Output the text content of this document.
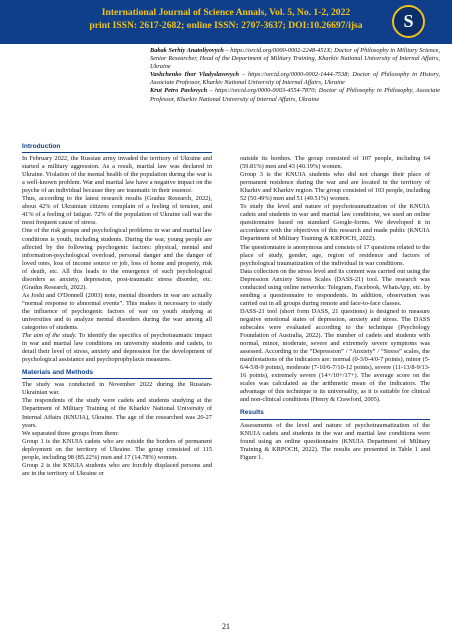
International Journal of Science Annals, Vol. 5, No. 1-2, 2022
print ISSN: 2617-2682; online ISSN: 2707-3637; DOI:10.26697/ijsa	S
Babak Serhiy Anatoliyovych – https://orcid.org/0000-0002-2248-451X; Doctor of Philosophy in Military Science, Senior Researcher, Head of the Department of Military Training, Kharkiv National University of Internal Affairs, Ukraine
Vashchenko Ihor Vladyslavovych – https://orcid.org/0000-0002-1444-7538; Doctor of Philosophy in History, Associate Professor, Kharkiv National University of Internal Affairs, Ukraine
Krut Petro Pavlovych – https://orcid.org/0000-0003-4554-7870; Doctor of Philosophy in Philosophy, Associate Professor, Kharkiv National University of Internal Affairs, Ukraine
Introduction

In February 2022, the Russian army invaded the territory of Ukraine and started a military aggression. As a result, martial law was declared in Ukraine. Violation of the mental health of the population during the war is a well-known problem. War and martial law have a negative impact on the psyche of an individual because they are traumatic in their essence.

Thus, according to the latest research results (Gradus Research, 2022), about 42% of Ukrainian citizens complain of a feeling of tension, and 41% of a feeling of fatigue. 72% of the population of Ukraine call war the most frequent cause of stress.

One of the risk groups and psychological problems in war and martial law conditions is youth, including students. During the war, young people are affected by the following psychogenic factors: physical, mental and information-psychological overload, personal danger and the danger of loved ones, loss of income source or job, loss of home and property, risk of death, etc. All this leads to the emergence of such psychological disorders as anxiety, depression, post-traumatic stress disorder, etc. (Gradus Research, 2022).

As Joshi and O'Donnell (2003) note, mental disorders in war are actually “normal response to abnormal events”. This makes it necessary to study the influence of psychogenic factors of war on youth studying at universities and to analyze mental disorders during the war among all categories of students.

The aim of the study. To identify the specifics of psychotraumatic impact in war and martial law conditions on university students and cadets, to detail their level of stress, anxiety and depression for the development of psychological assistance and psychoprophylaxis measures.

Materials and Methods

The study was conducted in November 2022 during the Russian-Ukrainian war.

The respondents of the study were cadets and students studying at the Department of Military Training of the Kharkiv National University of Internal Affairs (KNUIA), Ukraine. The age of the researched was 20-27 years.

We separated three groups from them:

Group 1 is the KNUIA cadets who are outside the borders of permanent deployment on the territory of Ukraine. The group consisted of 115 people, including 98 (85.22%) men and 17 (14.78%) women.

Group 2 is the KNUIA students who are forcibly displaced persons and are in the territory of Ukraine or

outside its borders. The group consisted of 107 people, including 64 (59.81%) men and 43 (40.19%) women.

Group 3 is the KNUIA students who did not change their place of permanent residence during the war and are located in the territory of Kharkiv and Kharkiv region. The group consisted of 103 people, including 52 (50.49%) men and 51 (49.51%) women.

To study the level and nature of psychotraumatization of the KNUIA cadets and students in war and martial law conditions, we used an online questionnaire based on standard Google-forms. We developed it in accordance with the objectives of this research and made public (KNUIA Department of Military Training & KRPOCH, 2022).

The questionnaire is anonymous and consists of 17 questions related to the place of study, gender, age, region of residence and factors of psychological traumatization of the individual in war conditions.

Data collection on the stress level and its content was carried out using the Depression Anxiety Stress Scales (DASS-21) tool. The research was conducted using online networks: Telegram, Facebook, WhatsApp, etc. by sending a questionnaire to respondents. In addition, observation was carried out in all groups during remote and face-to-face classes.

DASS-21 tool (short form DASS, 21 questions) is designed to measure negative emotional states of depression, anxiety and stress. The DASS subscales were evaluated according to the technique (Psychology Foundation of Australia, 2022). The number of cadets and students with normal, minor, moderate, severe and extremely severe symptoms was assessed. According to the “Depression” / “Anxiety” / “Stress” scales, the manifestations of the indicators are: normal (0-3/0-4/0-7 points), minor (5-6/4-5/8-9 points), moderate (7-10/6-7/10-12 points), severe (11-13/8-9/13-16 points), extremely severe (14+/10+/17+). The average score on the scales was calculated as the arithmetic mean of the indicators. The advantage of this technique is its universality, as it is suitable for clinical and non-clinical conditions (Henry & Crawford, 2005).

Results

Assessments of the level and nature of psychotraumatization of the KNUIA cadets and students in the war and martial law conditions were found using an online questionnaire (KNUIA Department of Military Training & KRPOCH, 2022). The results are presented in Table 1 and Figure 1.

21
